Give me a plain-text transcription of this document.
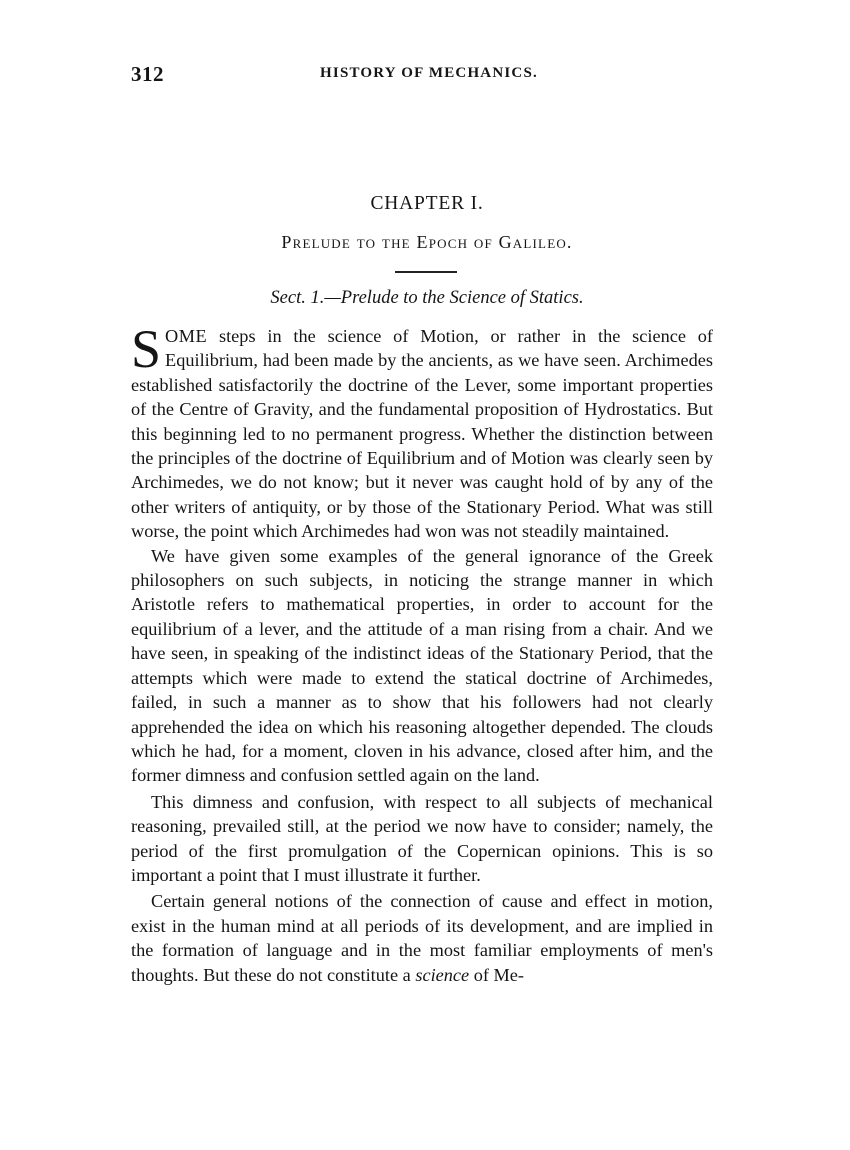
312	HISTORY OF MECHANICS.
CHAPTER I.
Prelude to the Epoch of Galileo.
Sect. 1.—Prelude to the Science of Statics.

SOME steps in the science of Motion, or rather in the science of Equilibrium, had been made by the ancients, as we have seen. Archimedes established satisfactorily the doctrine of the Lever, some important properties of the Centre of Gravity, and the fundamental proposition of Hydrostatics. But this beginning led to no permanent progress. Whether the distinction between the principles of the doctrine of Equilibrium and of Motion was clearly seen by Archimedes, we do not know; but it never was caught hold of by any of the other writers of antiquity, or by those of the Stationary Period. What was still worse, the point which Archimedes had won was not steadily maintained.

We have given some examples of the general ignorance of the Greek philosophers on such subjects, in noticing the strange manner in which Aristotle refers to mathematical properties, in order to account for the equilibrium of a lever, and the attitude of a man rising from a chair. And we have seen, in speaking of the indistinct ideas of the Stationary Period, that the attempts which were made to extend the statical doctrine of Archimedes, failed, in such a manner as to show that his followers had not clearly apprehended the idea on which his reasoning altogether depended. The clouds which he had, for a moment, cloven in his advance, closed after him, and the former dimness and confusion settled again on the land.

This dimness and confusion, with respect to all subjects of mechanical reasoning, prevailed still, at the period we now have to consider; namely, the period of the first promulgation of the Copernican opinions. This is so important a point that I must illustrate it further.

Certain general notions of the connection of cause and effect in motion, exist in the human mind at all periods of its development, and are implied in the formation of language and in the most familiar employments of men's thoughts. But these do not constitute a science of Me-
